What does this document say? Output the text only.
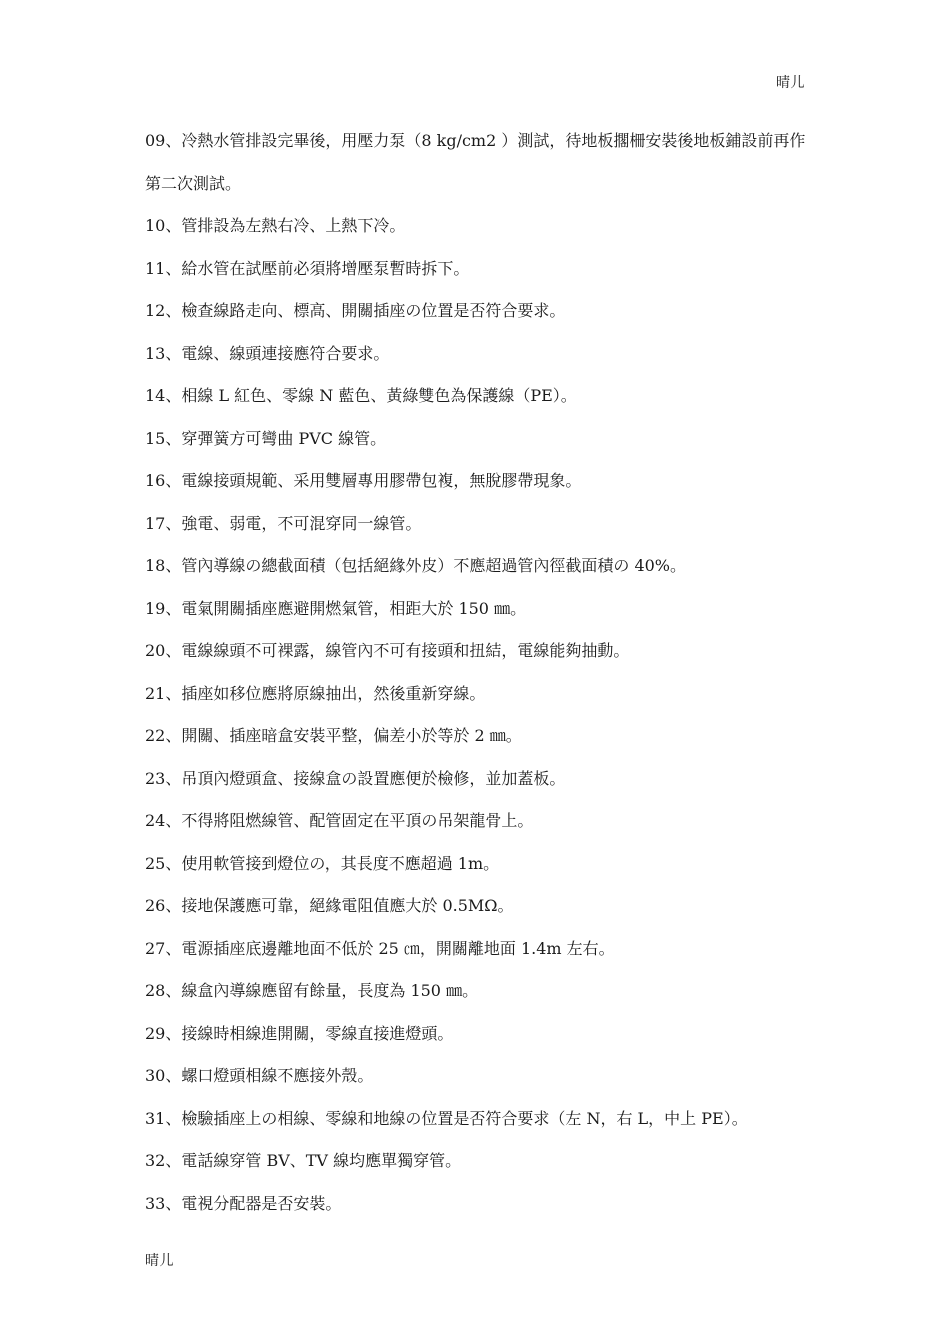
晴儿

09、冷熱水管排設完畢後，用壓力泵（8 kg/cm2 ）測試，待地板擱柵安裝後地板鋪設前再作第二次測試。

10、管排設為左熱右冷、上熱下冷。

11、給水管在試壓前必須將增壓泵暫時拆下。

12、檢查線路走向、標高、開關插座の位置是否符合要求。

13、電線、線頭連接應符合要求。

14、相線 L 紅色、零線 N 藍色、黃綠雙色為保護線（PE）。

15、穿彈簧方可彎曲 PVC 線管。

16、電線接頭規範、采用雙層專用膠帶包複，無脫膠帶現象。

17、強電、弱電，不可混穿同一線管。

18、管內導線の總截面積（包括絕緣外皮）不應超過管內徑截面積の 40%。

19、電氣開關插座應避開燃氣管，相距大於 150 ㎜。

20、電線線頭不可裸露，線管內不可有接頭和扭結，電線能夠抽動。

21、插座如移位應將原線抽出，然後重新穿線。

22、開關、插座暗盒安裝平整，偏差小於等於 2 ㎜。

23、吊頂內燈頭盒、接線盒の設置應便於檢修，並加蓋板。

24、不得將阻燃線管、配管固定在平頂の吊架龍骨上。

25、使用軟管接到燈位の，其長度不應超過 1m。

26、接地保護應可靠，絕緣電阻值應大於 0.5MΩ。

27、電源插座底邊離地面不低於 25 ㎝，開關離地面 1.4m 左右。

28、線盒內導線應留有餘量，長度為 150 ㎜。

29、接線時相線進開關，零線直接進燈頭。

30、螺口燈頭相線不應接外殼。

31、檢驗插座上の相線、零線和地線の位置是否符合要求（左 N，右 L，中上 PE）。

32、電話線穿管 BV、TV 線均應單獨穿管。

33、電視分配器是否安裝。

晴儿
